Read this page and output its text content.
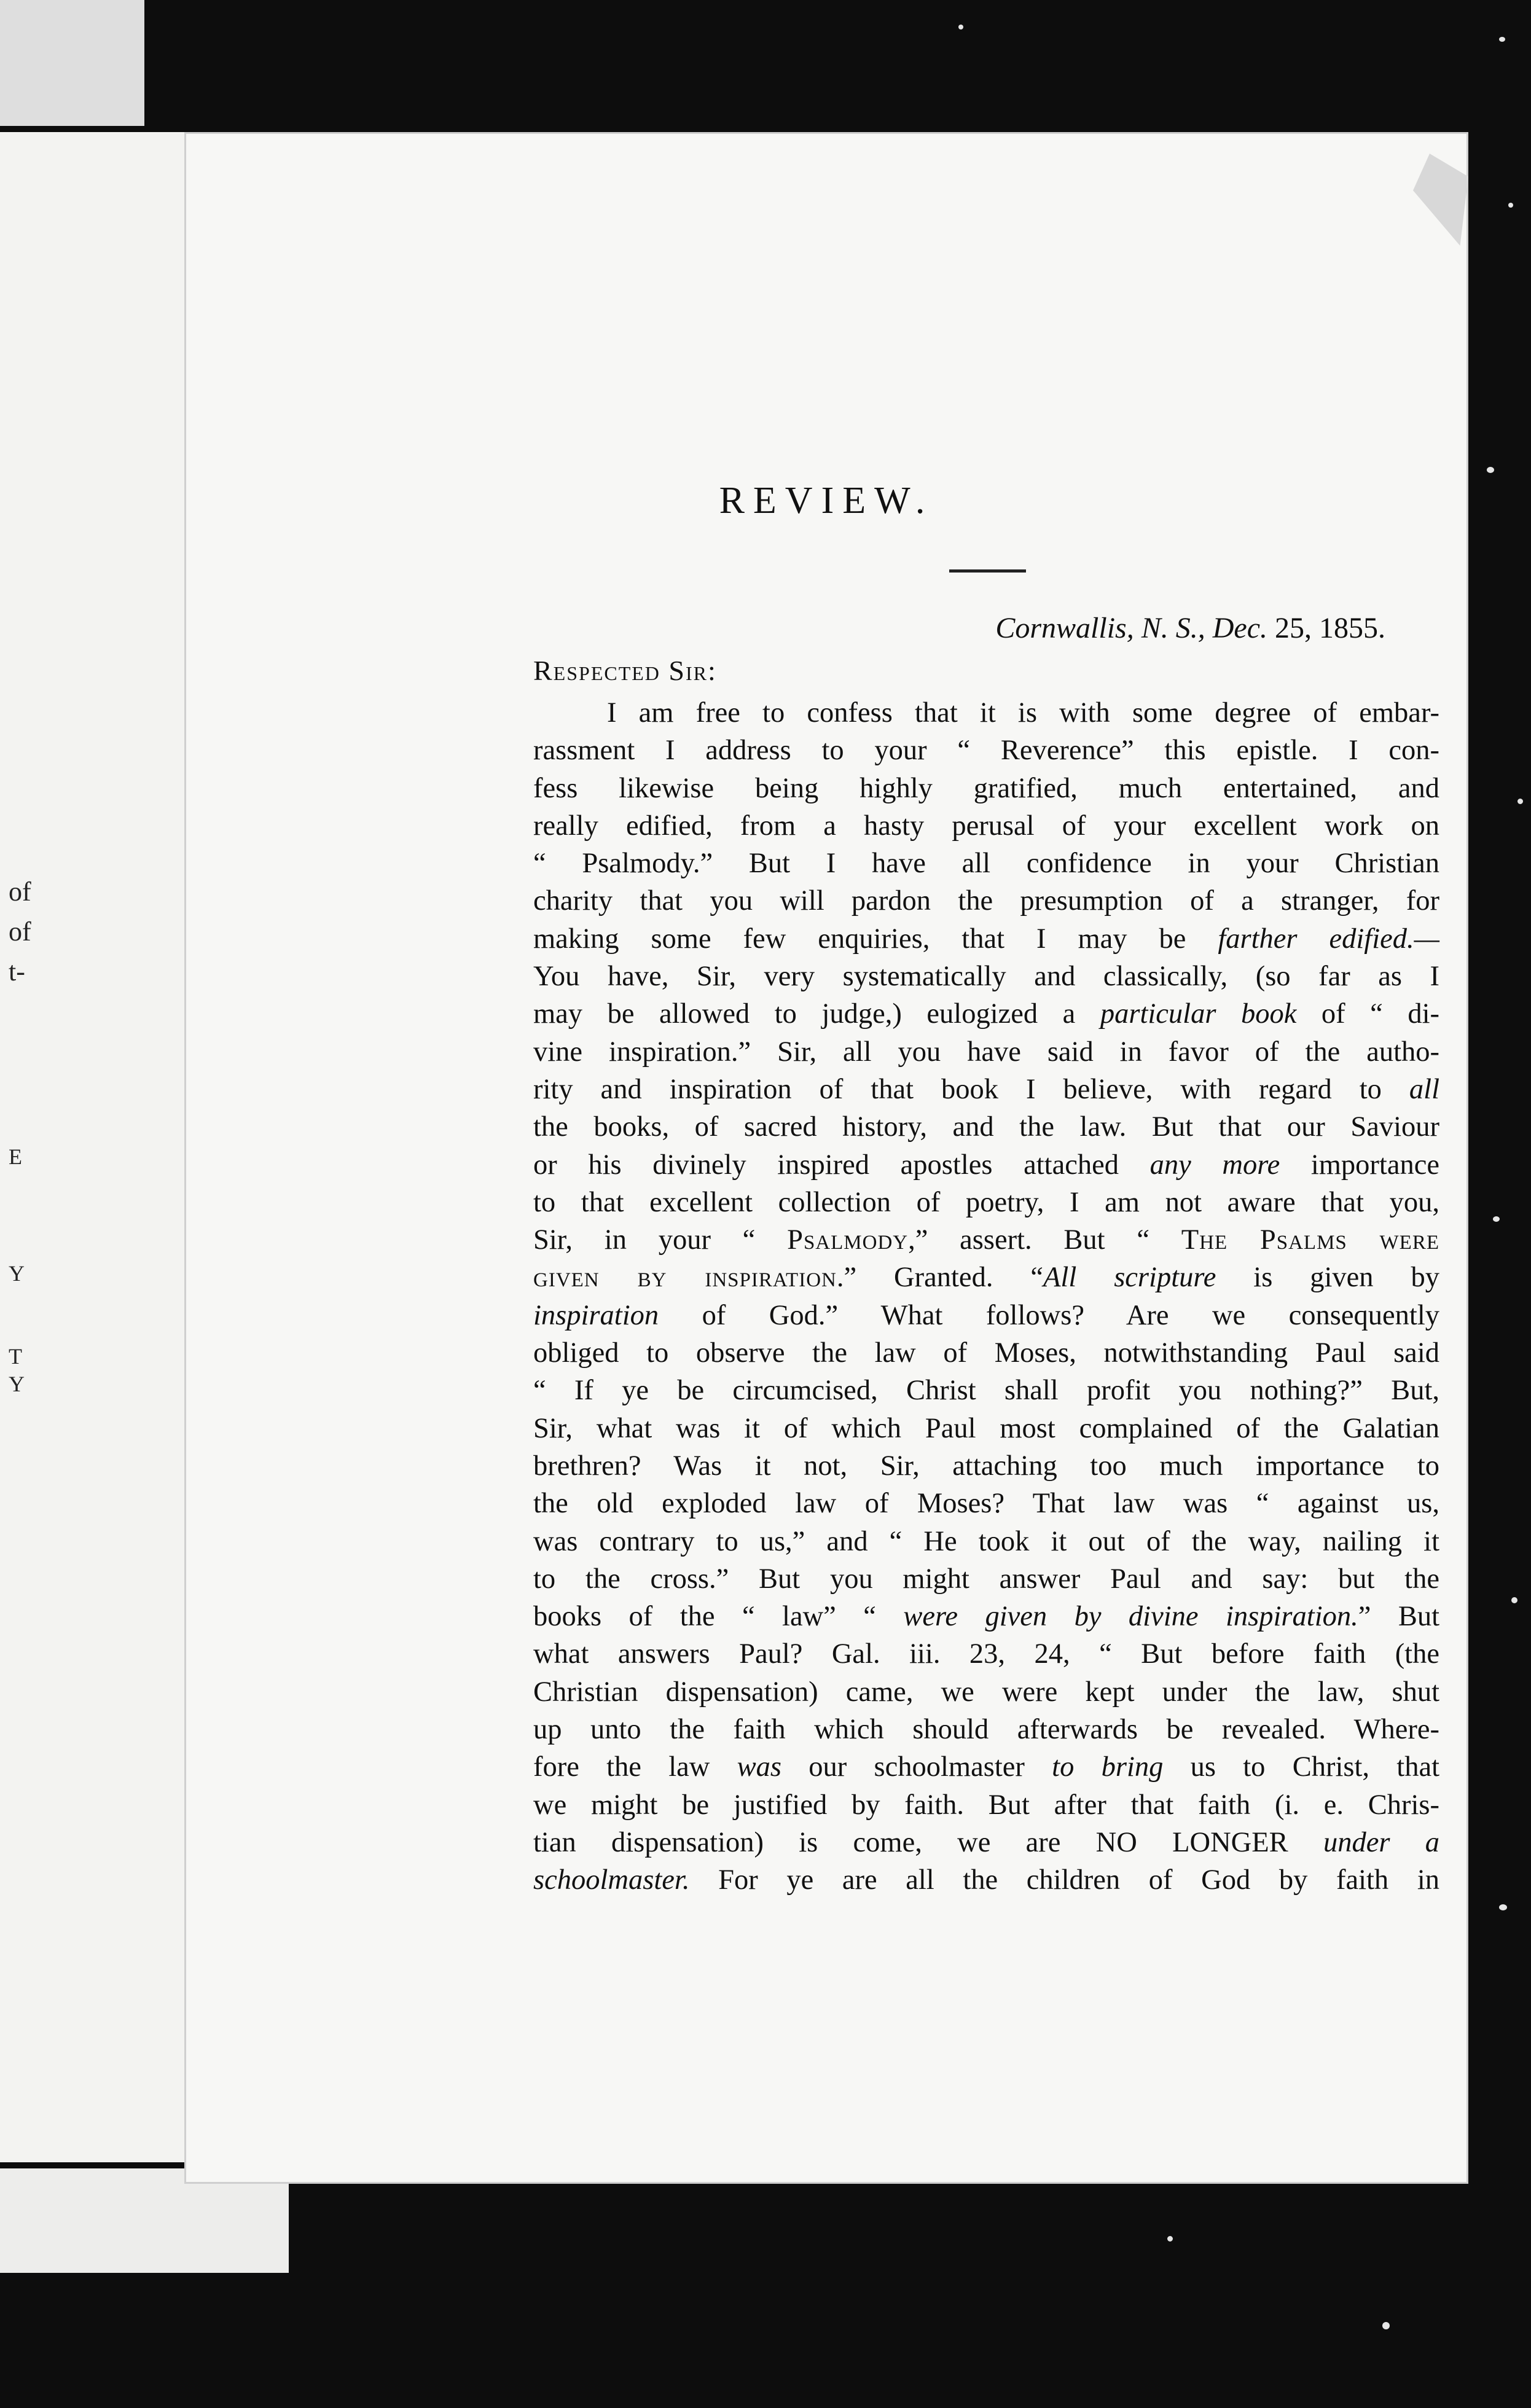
of
of
t-
E
Y
T
Y
REVIEW.
Cornwallis, N. S., Dec. 25, 1855.
Respected Sir:
I am free to confess that it is with some degree of embar-
rassment I address to your “ Reverence” this epistle. I con-
fess likewise being highly gratified, much entertained, and
really edified, from a hasty perusal of your excellent work on
“ Psalmody.” But I have all confidence in your Christian
charity that you will pardon the presumption of a stranger, for
making some few enquiries, that I may be farther edified.—
You have, Sir, very systematically and classically, (so far as I
may be allowed to judge,) eulogized a particular book of “ di-
vine inspiration.” Sir, all you have said in favor of the autho-
rity and inspiration of that book I believe, with regard to all
the books, of sacred history, and the law. But that our Saviour
or his divinely inspired apostles attached any more importance
to that excellent collection of poetry, I am not aware that you,
Sir, in your “ Psalmody,” assert. But “ The Psalms were
given by inspiration.” Granted. “All scripture is given by
inspiration of God.” What follows? Are we consequently
obliged to observe the law of Moses, notwithstanding Paul said
“ If ye be circumcised, Christ shall profit you nothing?” But,
Sir, what was it of which Paul most complained of the Galatian
brethren? Was it not, Sir, attaching too much importance to
the old exploded law of Moses? That law was “ against us,
was contrary to us,” and “ He took it out of the way, nailing it
to the cross.” But you might answer Paul and say: but the
books of the “ law” “ were given by divine inspiration.” But
what answers Paul? Gal. iii. 23, 24, “ But before faith (the
Christian dispensation) came, we were kept under the law, shut
up unto the faith which should afterwards be revealed. Where-
fore the law was our schoolmaster to bring us to Christ, that
we might be justified by faith. But after that faith (i. e. Chris-
tian dispensation) is come, we are NO LONGER under a
schoolmaster. For ye are all the children of God by faith in
